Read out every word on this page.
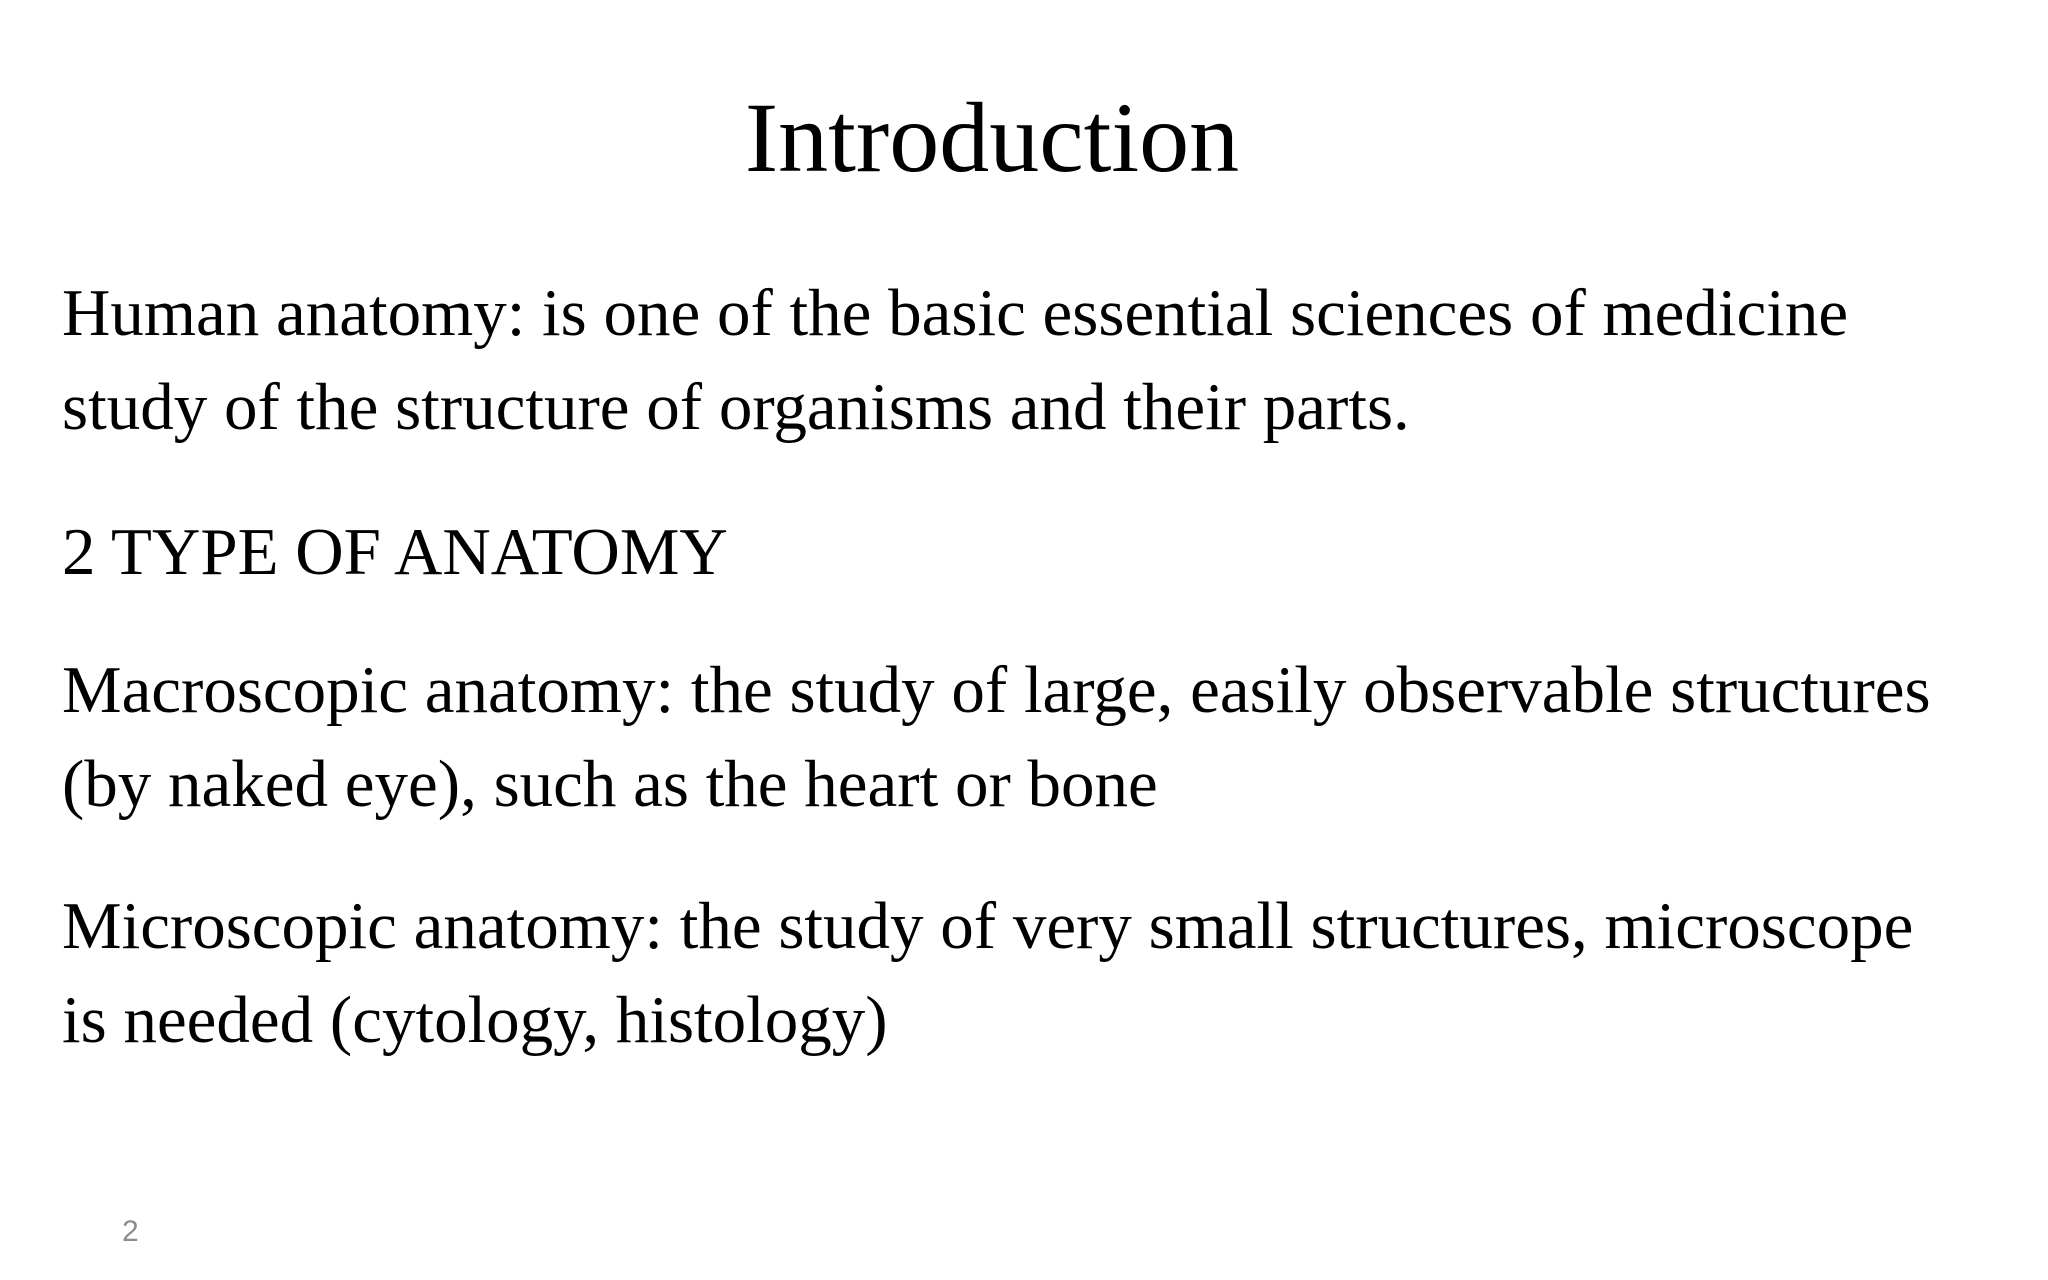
Introduction
Human anatomy: is one of the basic essential sciences of medicine
study of the structure of organisms and their parts.
2 TYPE OF ANATOMY
Macroscopic anatomy: the study of large, easily observable structures
(by naked eye), such as the heart or bone
Microscopic anatomy: the study of very small structures, microscope
is needed (cytology, histology)
2
